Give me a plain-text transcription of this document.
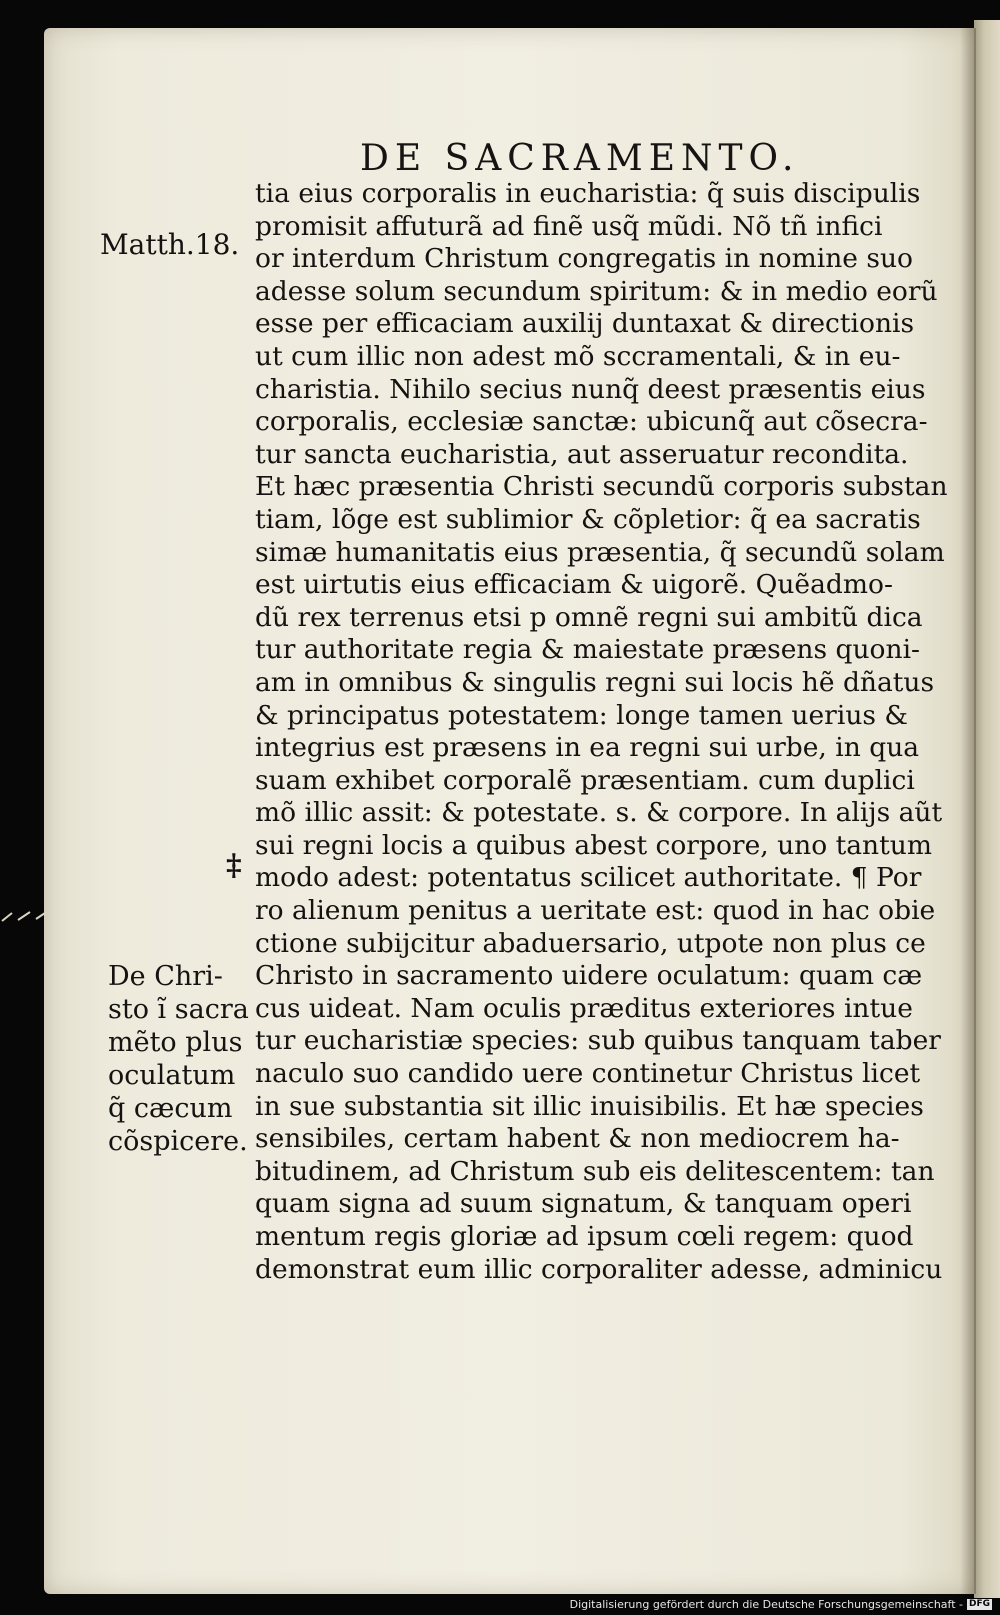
DE SACRAMENTO.
Matth.18.
‡
De Chri-
sto ĩ sacra
mẽto plus
oculatum
q̃ cæcum
cõspicere.
tia eius corporalis in eucharistia: q̃ suis discipulis
promisit affuturã ad finẽ usq̃ mũdi. Nõ tñ infici
or interdum Christum congregatis in nomine suo
adesse solum secundum spiritum: & in medio eorũ
esse per efficaciam auxilij duntaxat & directionis
ut cum illic non adest mõ sccramentali, & in eu-
charistia. Nihilo secius nunq̃ deest præsentis eius
corporalis, ecclesiæ sanctæ: ubicunq̃ aut cõsecra-
tur sancta eucharistia, aut asseruatur recondita.
Et hæc præsentia Christi secundũ corporis substan
tiam, lõge est sublimior & cõpletior: q̃ ea sacratis
simæ humanitatis eius præsentia, q̃ secundũ solam
est uirtutis eius efficaciam & uigorẽ. Quẽadmo-
dũ rex terrenus etsi p omnẽ regni sui ambitũ dica
tur authoritate regia & maiestate præsens quoni-
am in omnibus & singulis regni sui locis hẽ dñatus
& principatus potestatem: longe tamen uerius &
integrius est præsens in ea regni sui urbe, in qua
suam exhibet corporalẽ præsentiam. cum duplici
mõ illic assit: & potestate. s. & corpore. In alijs aũt
sui regni locis a quibus abest corpore, uno tantum
modo adest: potentatus scilicet authoritate. ¶ Por
ro alienum penitus a ueritate est: quod in hac obie
ctione subijcitur abaduersario, utpote non plus ce
Christo in sacramento uidere oculatum: quam cæ
cus uideat. Nam oculis præditus exteriores intue
tur eucharistiæ species: sub quibus tanquam taber
naculo suo candido uere continetur Christus licet
in sue substantia sit illic inuisibilis. Et hæ species
sensibiles, certam habent & non mediocrem ha-
bitudinem, ad Christum sub eis delitescentem: tan
quam signa ad suum signatum, & tanquam operi
mentum regis gloriæ ad ipsum cœli regem: quod
demonstrat eum illic corporaliter adesse, adminicu
Digitalisierung gefördert durch die Deutsche Forschungsgemeinschaft - DFG
